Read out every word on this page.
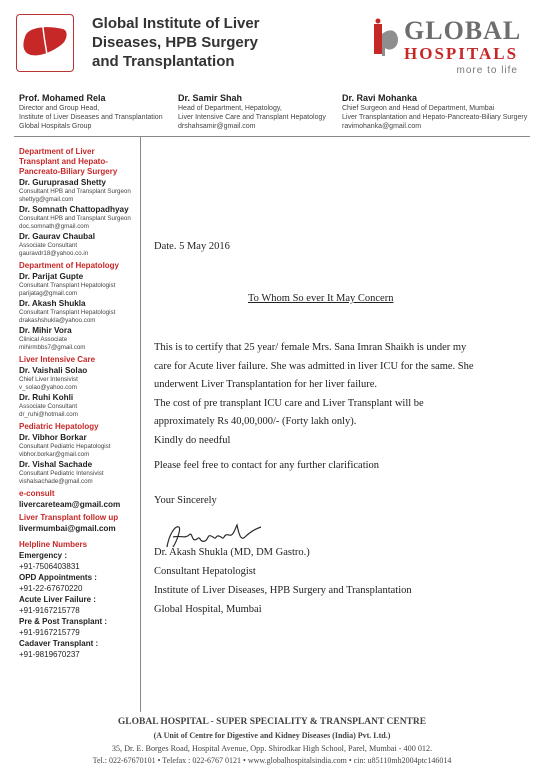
Global Institute of Liver
Diseases, HPB Surgery
and Transplantation
GLOBAL
HOSPITALS
more to life
Prof. Mohamed Rela
Director and Group Head,
Institute of Liver Diseases and Transplantation
Global Hospitals Group
Dr. Samir Shah
Head of Department, Hepatology,
Liver Intensive Care and Transplant Hepatology
drshahsamir@gmail.com
Dr. Ravi Mohanka
Chief Surgeon and Head of Department, Mumbai
Liver Transplantation and Hepato-Pancreato-Biliary Surgery
ravimohanka@gmail.com
Department of Liver
Transplant and Hepato-
Pancreato-Biliary Surgery
Dr. Guruprasad Shetty
Consultant HPB and Transplant Surgeon
shettyg@gmail.com
Dr. Somnath Chattopadhyay
Consultant HPB and Transplant Surgeon
doc.somnath@gmail.com
Dr. Gaurav Chaubal
Associate Consultant
gauravdr18@yahoo.co.in
Department of Hepatology
Dr. Parijat Gupte
Consultant Transplant Hepatologist
parijatag@gmail.com
Dr. Akash Shukla
Consultant Transplant Hepatologist
drakashshukla@yahoo.com
Dr. Mihir Vora
Clinical Associate
mihirmbbs7@gmail.com
Liver Intensive Care
Dr. Vaishali Solao
Chief Liver Intensivist
v_solao@yahoo.com
Dr. Ruhi Kohli
Associate Consultant
dr_ruhi@hotmail.com
Pediatric Hepatology
Dr. Vibhor Borkar
Consultant Pediatric Hepatologist
vibhor.borkar@gmail.com
Dr. Vishal Sachade
Consultant Pediatric Intensivist
vishalsachade@gmail.com
e-consult
livercareteam@gmail.com
Liver Transplant follow up
livermumbai@gmail.com
Helpline Numbers
Emergency :
+91-7506403831
OPD Appointments :
+91-22-67670220
Acute Liver Failure :
+91-9167215778
Pre & Post Transplant :
+91-9167215779
Cadaver Transplant :
+91-9819670237
Date. 5 May 2016
To Whom So ever It May Concern
This is to certify that 25 year/ female Mrs. Sana Imran Shaikh is under my
care for Acute liver failure. She was admitted in liver ICU for the same. She
underwent Liver Transplantation for her liver failure.
The cost of pre transplant ICU care and Liver Transplant will be
approximately Rs 40,00,000/- (Forty lakh only).
Kindly do needful
Please feel free to contact for any further clarification
Your Sincerely
Dr. Akash Shukla (MD, DM Gastro.)
Consultant Hepatologist
Institute of Liver Diseases, HPB Surgery and Transplantation
Global Hospital, Mumbai
GLOBAL HOSPITAL - SUPER SPECIALITY & TRANSPLANT CENTRE
(A Unit of Centre for Digestive and Kidney Diseases (India) Pvt. Ltd.)
35, Dr. E. Borges Road, Hospital Avenue, Opp. Shirodkar High School, Parel, Mumbai - 400 012.
Tel.: 022-67670101 • Telefax : 022-6767 0121 • www.globalhospitalsindia.com • cin: u85110mh2004ptc146014
